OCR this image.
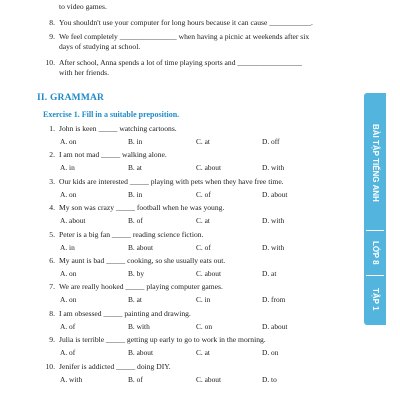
to video games.
8. You shouldn't use your computer for long hours because it can cause ___________.
9. We feel completely _______________ when having a picnic at weekends after six
days of studying at school.
10. After school, Anna spends a lot of time playing sports and _________________
with her friends.
II. GRAMMAR
Exercise 1. Fill in a suitable preposition.
1. John is keen _____ watching cartoons.
A. on	B. in	C. at	D. off
2. I am not mad _____ walking alone.
A. in	B. at	C. about	D. with
3. Our kids are interested _____ playing with pets when they have free time.
A. on	B. in	C. of	D. about
4. My son was crazy _____ football when he was young.
A. about	B. of	C. at	D. with
5. Peter is a big fan _____ reading science fiction.
A. in	B. about	C. of	D. with
6. My aunt is bad _____ cooking, so she usually eats out.
A. on	B. by	C. about	D. at
7. We are really hooked _____ playing computer games.
A. on	B. at	C. in	D. from
8. I am obsessed _____ painting and drawing.
A. of	B. with	C. on	D. about
9. Julia is terrible _____ getting up early to go to work in the morning.
A. of	B. about	C. at	D. on
10. Jenifer is addicted _____ doing DIY.
A. with	B. of	C. about	D. to
BÀI TẬP TIẾNG ANH
LỚP 8
TẬP 1
